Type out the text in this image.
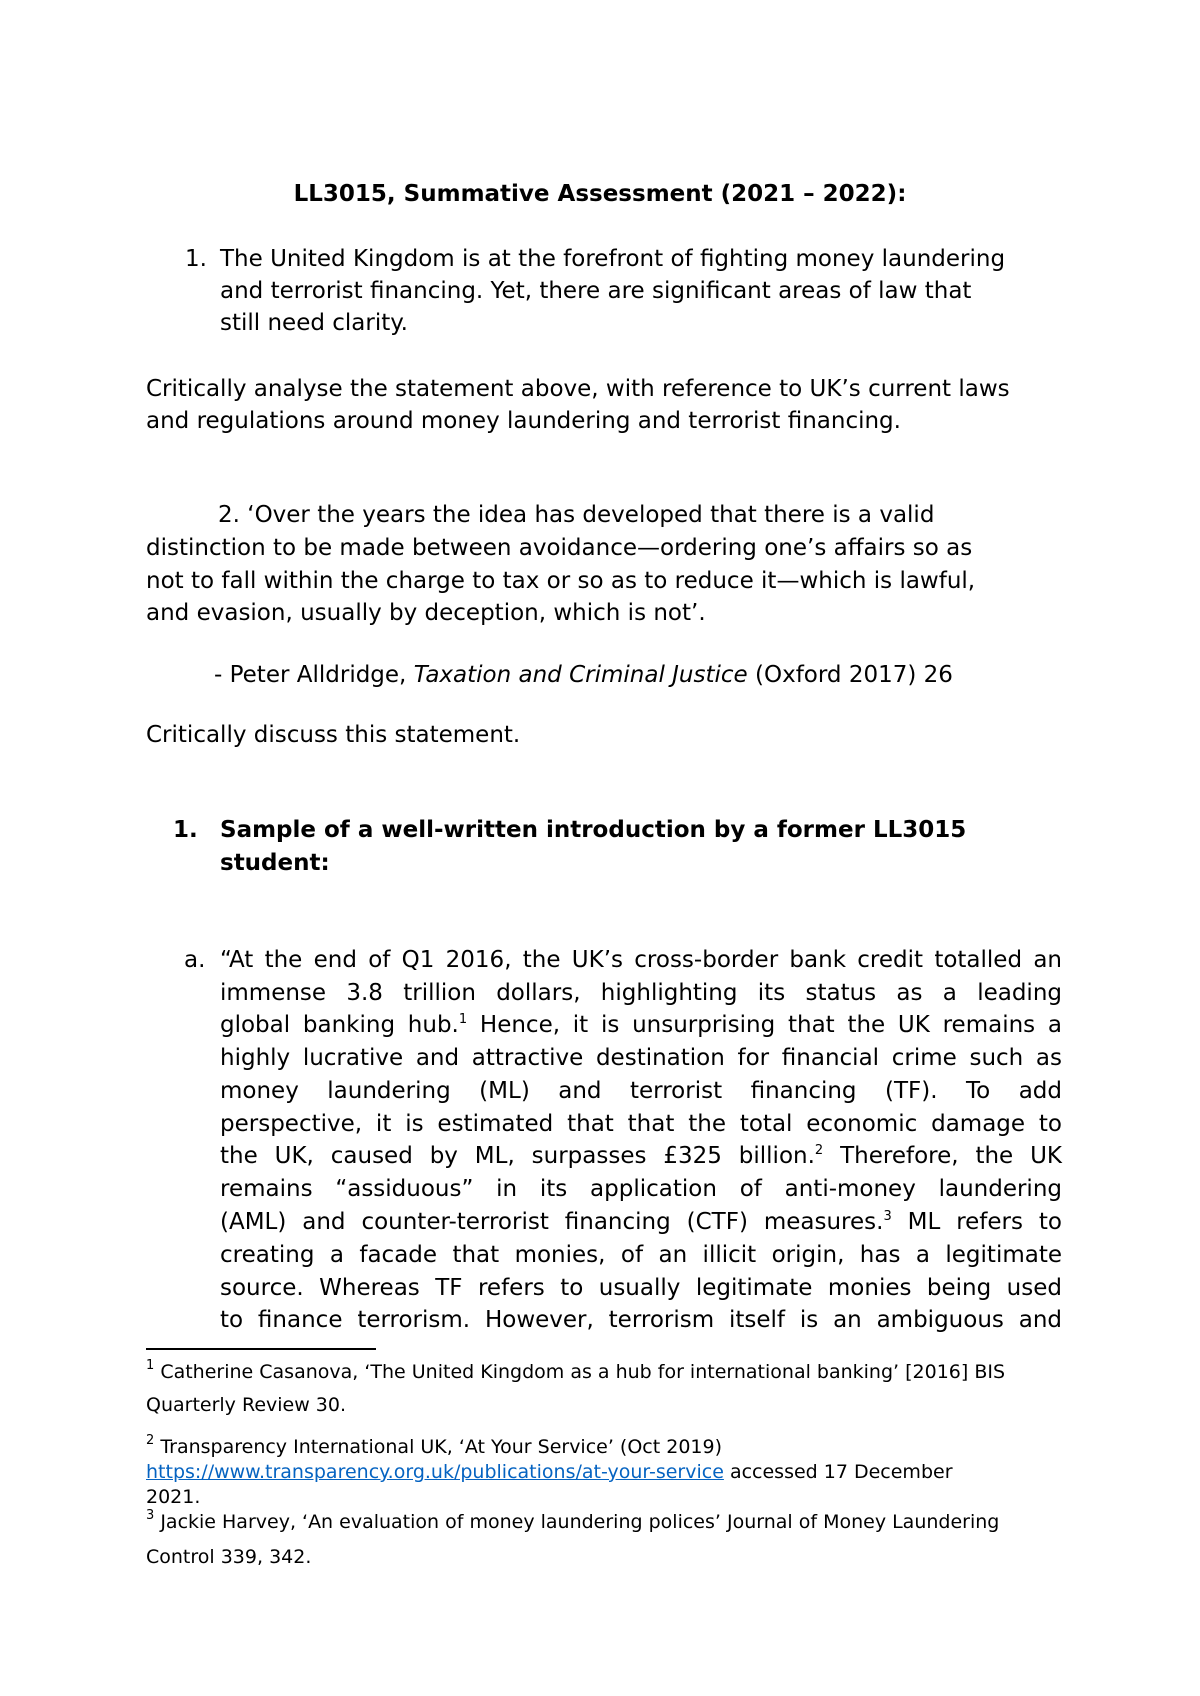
LL3015, Summative Assessment (2021 – 2022):
1. The United Kingdom is at the forefront of fighting money laundering
and terrorist financing. Yet, there are significant areas of law that
still need clarity.
Critically analyse the statement above, with reference to UK’s current laws
and regulations around money laundering and terrorist financing.
2. ‘Over the years the idea has developed that there is a valid
distinction to be made between avoidance—ordering one’s affairs so as
not to fall within the charge to tax or so as to reduce it—which is lawful,
and evasion, usually by deception, which is not’.
- Peter Alldridge, Taxation and Criminal Justice (Oxford 2017) 26
Critically discuss this statement.
1. Sample of a well-written introduction by a former LL3015
student:
a. “At the end of Q1 2016, the UK’s cross-border bank credit totalled an
immense 3.8 trillion dollars, highlighting its status as a leading
global banking hub.$^1$ Hence, it is unsurprising that the UK remains a
highly lucrative and attractive destination for financial crime such as
money laundering (ML) and terrorist financing (TF). To add
perspective, it is estimated that that the total economic damage to
the UK, caused by ML, surpasses £325 billion.$^2$ Therefore, the UK
remains “assiduous” in its application of anti-money laundering
(AML) and counter-terrorist financing (CTF) measures.$^3$ ML refers to
creating a facade that monies, of an illicit origin, has a legitimate
source. Whereas TF refers to usually legitimate monies being used
to finance terrorism. However, terrorism itself is an ambiguous and
$^1$ Catherine Casanova, ‘The United Kingdom as a hub for international banking’ [2016] BIS
Quarterly Review 30.
$^2$ Transparency International UK, ‘At Your Service’ (Oct 2019)
https://www.transparency.org.uk/publications/at-your-service accessed 17 December
2021.
$^3$ Jackie Harvey, ‘An evaluation of money laundering polices’ Journal of Money Laundering
Control 339, 342.
